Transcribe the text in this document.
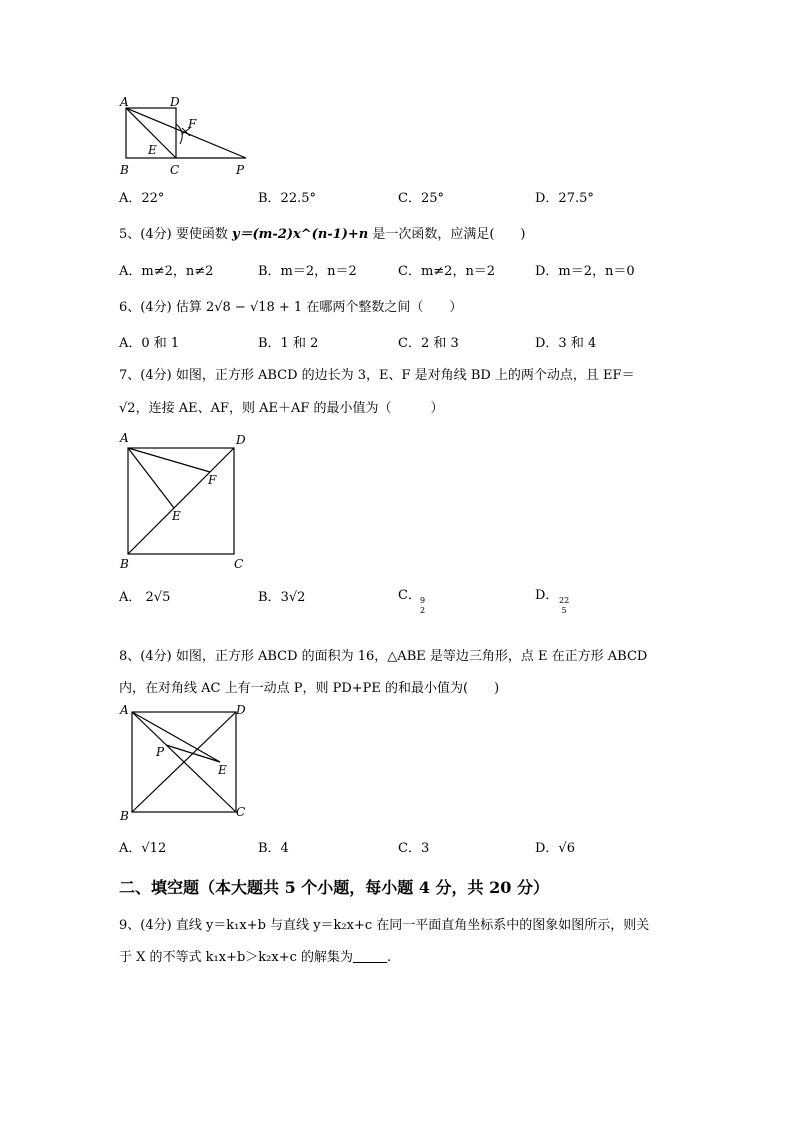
A	D
F
E
B	C	P
A．22°	B．22.5°	C．25°	D．27.5°
5、(4分) 要使函数 y＝(m-2)x^(n-1)+n 是一次函数，应满足(　　)
A．m≠2，n≠2	B．m＝2，n＝2	C．m≠2，n＝2	D．m＝2，n＝0
6、(4分) 估算 2√8 − √18 + 1 在哪两个整数之间（　　）
A．0 和 1	B．1 和 2	C．2 和 3	D．3 和 4
7、(4分) 如图，正方形 ABCD 的边长为 3，E、F 是对角线 BD 上的两个动点，且 EF＝
√2，连接 AE、AF，则 AE＋AF 的最小值为（　　　）
A	D
F
E
B	C
A． 2√5	B．3√2	C． 9
2
D． 22
5
8、(4分) 如图，正方形 ABCD 的面积为 16，△ABE 是等边三角形，点 E 在正方形 ABCD
内，在对角线 AC 上有一动点 P，则 PD+PE 的和最小值为(　　)
A	D
P
E
B	C
A．√12	B．4	C．3	D．√6
二、填空题（本大题共 5 个小题，每小题 4 分，共 20 分）
9、(4分) 直线 y＝k₁x+b 与直线 y＝k₂x+c 在同一平面直角坐标系中的图象如图所示，则关
于 X 的不等式 k₁x+b＞k₂x+c 的解集为	.
